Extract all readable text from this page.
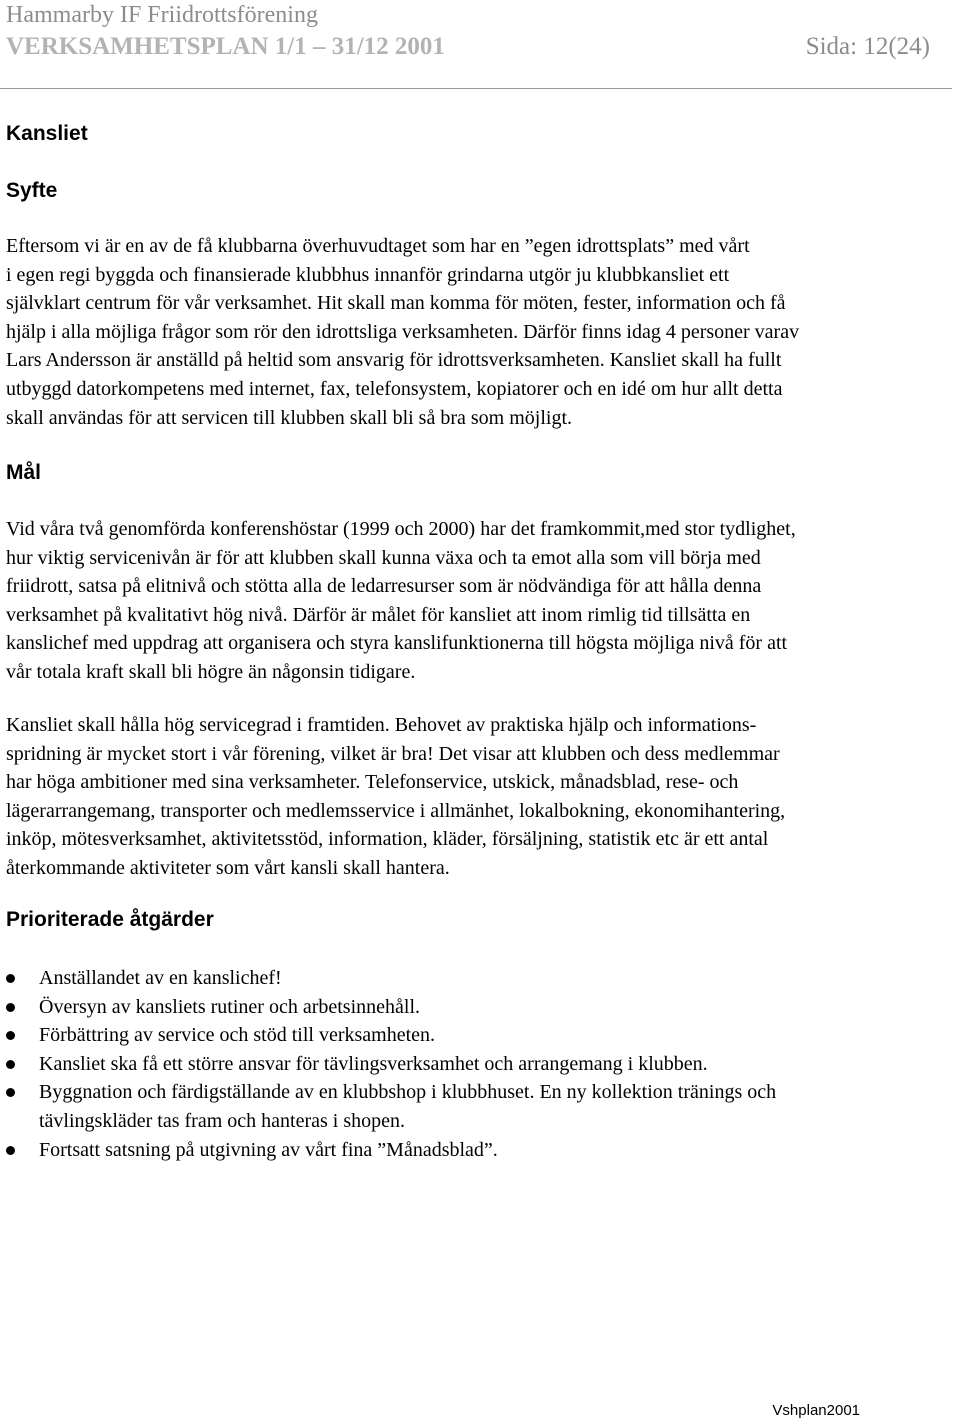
Hammarby IF Friidrottsförening
VERKSAMHETSPLAN 1/1 – 31/12 2001	Sida: 12(24)
Kansliet
Syfte
Eftersom vi är en av de få klubbarna överhuvudtaget som har en ”egen idrottsplats” med vårt
i egen regi byggda och finansierade klubbhus innanför grindarna utgör ju klubbkansliet ett
självklart centrum för vår verksamhet. Hit skall man komma för möten, fester, information och få
hjälp i alla möjliga frågor som rör den idrottsliga verksamheten. Därför finns idag 4 personer varav
Lars Andersson är anställd på heltid som ansvarig för idrottsverksamheten. Kansliet skall ha fullt
utbyggd datorkompetens med internet, fax, telefonsystem, kopiatorer och en idé om hur allt detta
skall användas för att servicen till klubben skall bli så bra som möjligt.
Mål
Vid våra två genomförda konferenshöstar (1999 och 2000) har det framkommit,med stor tydlighet,
hur viktig servicenivån är för att klubben skall kunna växa och ta emot alla som vill börja med
friidrott, satsa på elitnivå och stötta alla de ledarresurser som är nödvändiga för att hålla denna
verksamhet på kvalitativt hög nivå. Därför är målet för kansliet att inom rimlig tid tillsätta en
kanslichef med uppdrag att organisera och styra kanslifunktionerna till högsta möjliga nivå för att
vår totala kraft skall bli högre än någonsin tidigare.
Kansliet skall hålla hög servicegrad i framtiden. Behovet av praktiska hjälp och informations-
spridning är mycket stort i vår förening, vilket är bra! Det visar att klubben och dess medlemmar
har höga ambitioner med sina verksamheter. Telefonservice, utskick, månadsblad, rese- och
lägerarrangemang, transporter och medlemsservice i allmänhet, lokalbokning, ekonomihantering,
inköp, mötesverksamhet, aktivitetsstöd, information, kläder, försäljning, statistik etc är ett antal
återkommande aktiviteter som vårt kansli skall hantera.
Prioriterade åtgärder
Anställandet av en kanslichef!
Översyn av kansliets rutiner och arbetsinnehåll.
Förbättring av service och stöd till verksamheten.
Kansliet ska få ett större ansvar för tävlingsverksamhet och arrangemang i klubben.
Byggnation och färdigställande av en klubbshop i klubbhuset. En ny kollektion tränings och
tävlingskläder tas fram och hanteras i shopen.
Fortsatt satsning på utgivning av vårt fina ”Månadsblad”.
Vshplan2001
